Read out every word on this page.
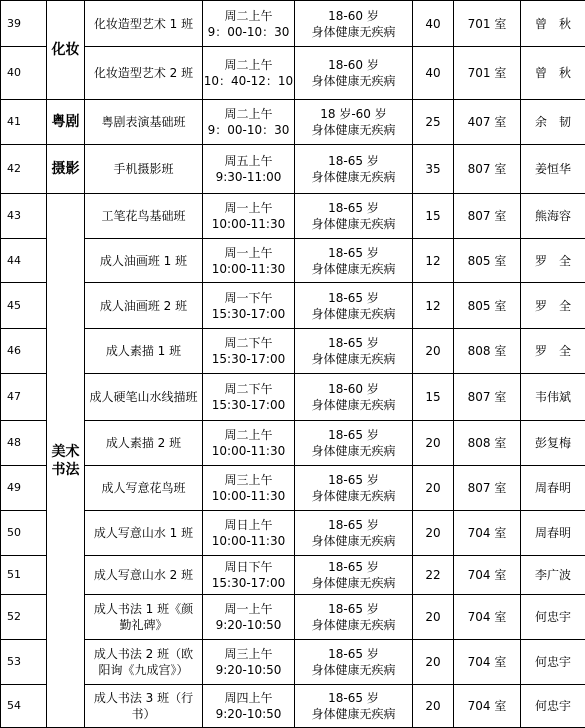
39	化妆	化妆造型艺术 1 班	周二上午
9：00-10：30	18-60 岁
身体健康无疾病	40	701 室	曾　秋
40		化妆造型艺术 2 班	周二上午
10：40-12：10	18-60 岁
身体健康无疾病	40	701 室	曾　秋
41	粤剧	粤剧表演基础班	周二上午
9：00-10：30	18 岁-60 岁
身体健康无疾病	25	407 室	余　韧
42	摄影	手机摄影班	周五上午
9:30-11:00	18-65 岁
身体健康无疾病	35	807 室	姜恒华
43	美术
书法	工笔花鸟基础班	周一上午
10:00-11:30	18-65 岁
身体健康无疾病	15	807 室	熊海容
44		成人油画班 1 班	周一上午
10:00-11:30	18-65 岁
身体健康无疾病	12	805 室	罗　全
45		成人油画班 2 班	周一下午
15:30-17:00	18-65 岁
身体健康无疾病	12	805 室	罗　全
46		成人素描 1 班	周二下午
15:30-17:00	18-65 岁
身体健康无疾病	20	808 室	罗　全
47		成人硬笔山水线描班	周二下午
15:30-17:00	18-60 岁
身体健康无疾病	15	807 室	韦伟斌
48		成人素描 2 班	周二上午
10:00-11:30	18-65 岁
身体健康无疾病	20	808 室	彭复梅
49		成人写意花鸟班	周三上午
10:00-11:30	18-65 岁
身体健康无疾病	20	807 室	周春明
50		成人写意山水 1 班	周日上午
10:00-11:30	18-65 岁
身体健康无疾病	20	704 室	周春明
51		成人写意山水 2 班	周日下午
15:30-17:00	18-65 岁
身体健康无疾病	22	704 室	李广波
52		成人书法 1 班《颜勤礼碑》	周一上午
9:20-10:50	18-65 岁
身体健康无疾病	20	704 室	何忠宇
53		成人书法 2 班（欧阳询《九成宫》）	周三上午
9:20-10:50	18-65 岁
身体健康无疾病	20	704 室	何忠宇
54		成人书法 3 班（行书）	周四上午
9:20-10:50	18-65 岁
身体健康无疾病	20	704 室	何忠宇
